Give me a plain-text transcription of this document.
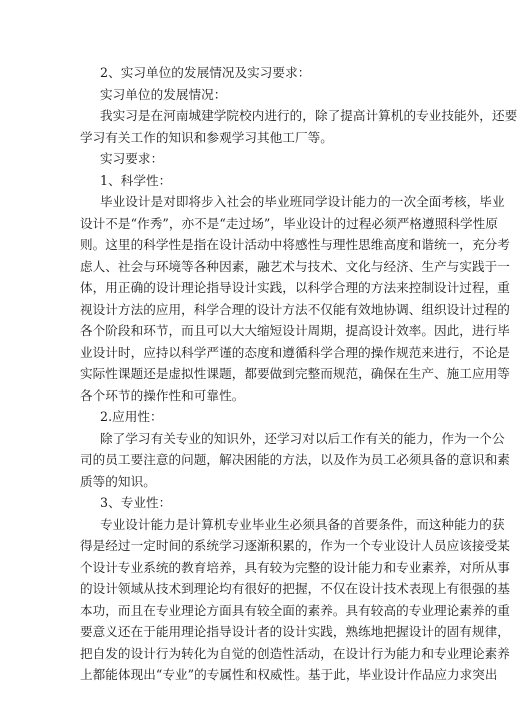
2、实习单位的发展情况及实习要求：
实习单位的发展情况：
我实习是在河南城建学院校内进行的，除了提高计算机的专业技能外，还要
学习有关工作的知识和参观学习其他工厂等。
实习要求：
1、科学性：
毕业设计是对即将步入社会的毕业班同学设计能力的一次全面考核，毕业
设计不是“作秀”，亦不是“走过场”，毕业设计的过程必须严格遵照科学性原
则。这里的科学性是指在设计活动中将感性与理性思维高度和谐统一，充分考
虑人、社会与环境等各种因素，融艺术与技术、文化与经济、生产与实践于一
体，用正确的设计理论指导设计实践，以科学合理的方法来控制设计过程，重
视设计方法的应用，科学合理的设计方法不仅能有效地协调、组织设计过程的
各个阶段和环节，而且可以大大缩短设计周期，提高设计效率。因此，进行毕
业设计时，应持以科学严谨的态度和遵循科学合理的操作规范来进行，不论是
实际性课题还是虚拟性课题，都要做到完整而规范，确保在生产、施工应用等
各个环节的操作性和可靠性。
2.应用性：
除了学习有关专业的知识外，还学习对以后工作有关的能力，作为一个公
司的员工要注意的问题，解决困能的方法，以及作为员工必须具备的意识和素
质等的知识。
3、专业性：
专业设计能力是计算机专业毕业生必须具备的首要条件，而这种能力的获
得是经过一定时间的系统学习逐渐积累的，作为一个专业设计人员应该接受某
个设计专业系统的教育培养，具有较为完整的设计能力和专业素养，对所从事
的设计领域从技术到理论均有很好的把握，不仅在设计技术表现上有很强的基
本功，而且在专业理论方面具有较全面的素养。具有较高的专业理论素养的重
要意义还在于能用理论指导设计者的设计实践，熟练地把握设计的固有规律，
把自发的设计行为转化为自觉的创造性活动，在设计行为能力和专业理论素养
上都能体现出“专业”的专属性和权威性。基于此，毕业设计作品应力求突出
